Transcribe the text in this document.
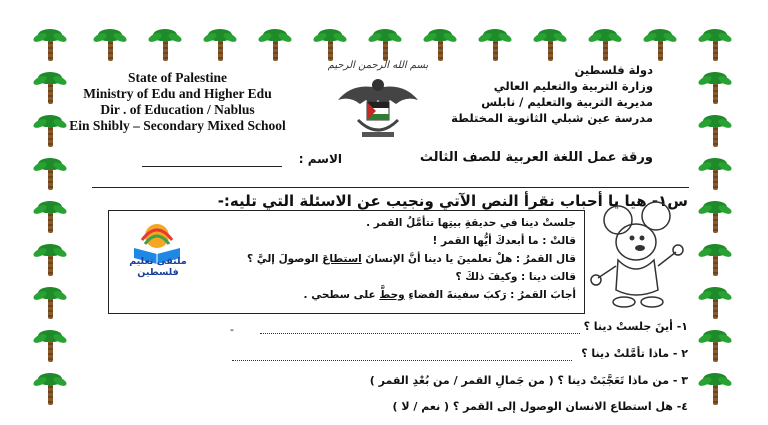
State of Palestine
Ministry of Edu and Higher Edu
Dir . of Education / Nablus
Ein Shibly – Secondary Mixed School
بسم الله الرحمن الرحيم	دولة فلسطين
وزارة التربية والتعليم العالي
مديرية التربية والتعليم / نابلس
مدرسة عين شبلي الثانوية المختلطة
ورقة عمل اللغة العربية للصف الثالث
الاسم :
س١- هيا يا أحباب نقرأ النص الآتي ونجيب عن الاسئلة التي تليه:-
جلستْ دينا في حديقةِ بيتِها تتأمَّلُ القمر .
قالتْ : ما أبعدكَ أيُّها القمر !
قال القمرُ : هلْ تعلمينَ يا دينا أنَّ الإنسانَ استطاعَ الوصولَ إليَّ ؟
قالت دينا : وكيفَ ذلكَ ؟
أجابَ القمرُ : رَكبَ سفينةَ الفضاءِ وحطَّ على سطحي .
ملتقى تعليم فلسطين
١- أينَ جلستْ دينا ؟
-
٢ - ماذا تأمَّلتْ دينا ؟
٣ - من ماذا تَعَجَّبَتْ دينا ؟ ( من جَمالِ القمر / من بُعْدِ القمر )
٤- هل استطاع الانسان الوصول إلى القمر ؟ ( نعم / لا )
